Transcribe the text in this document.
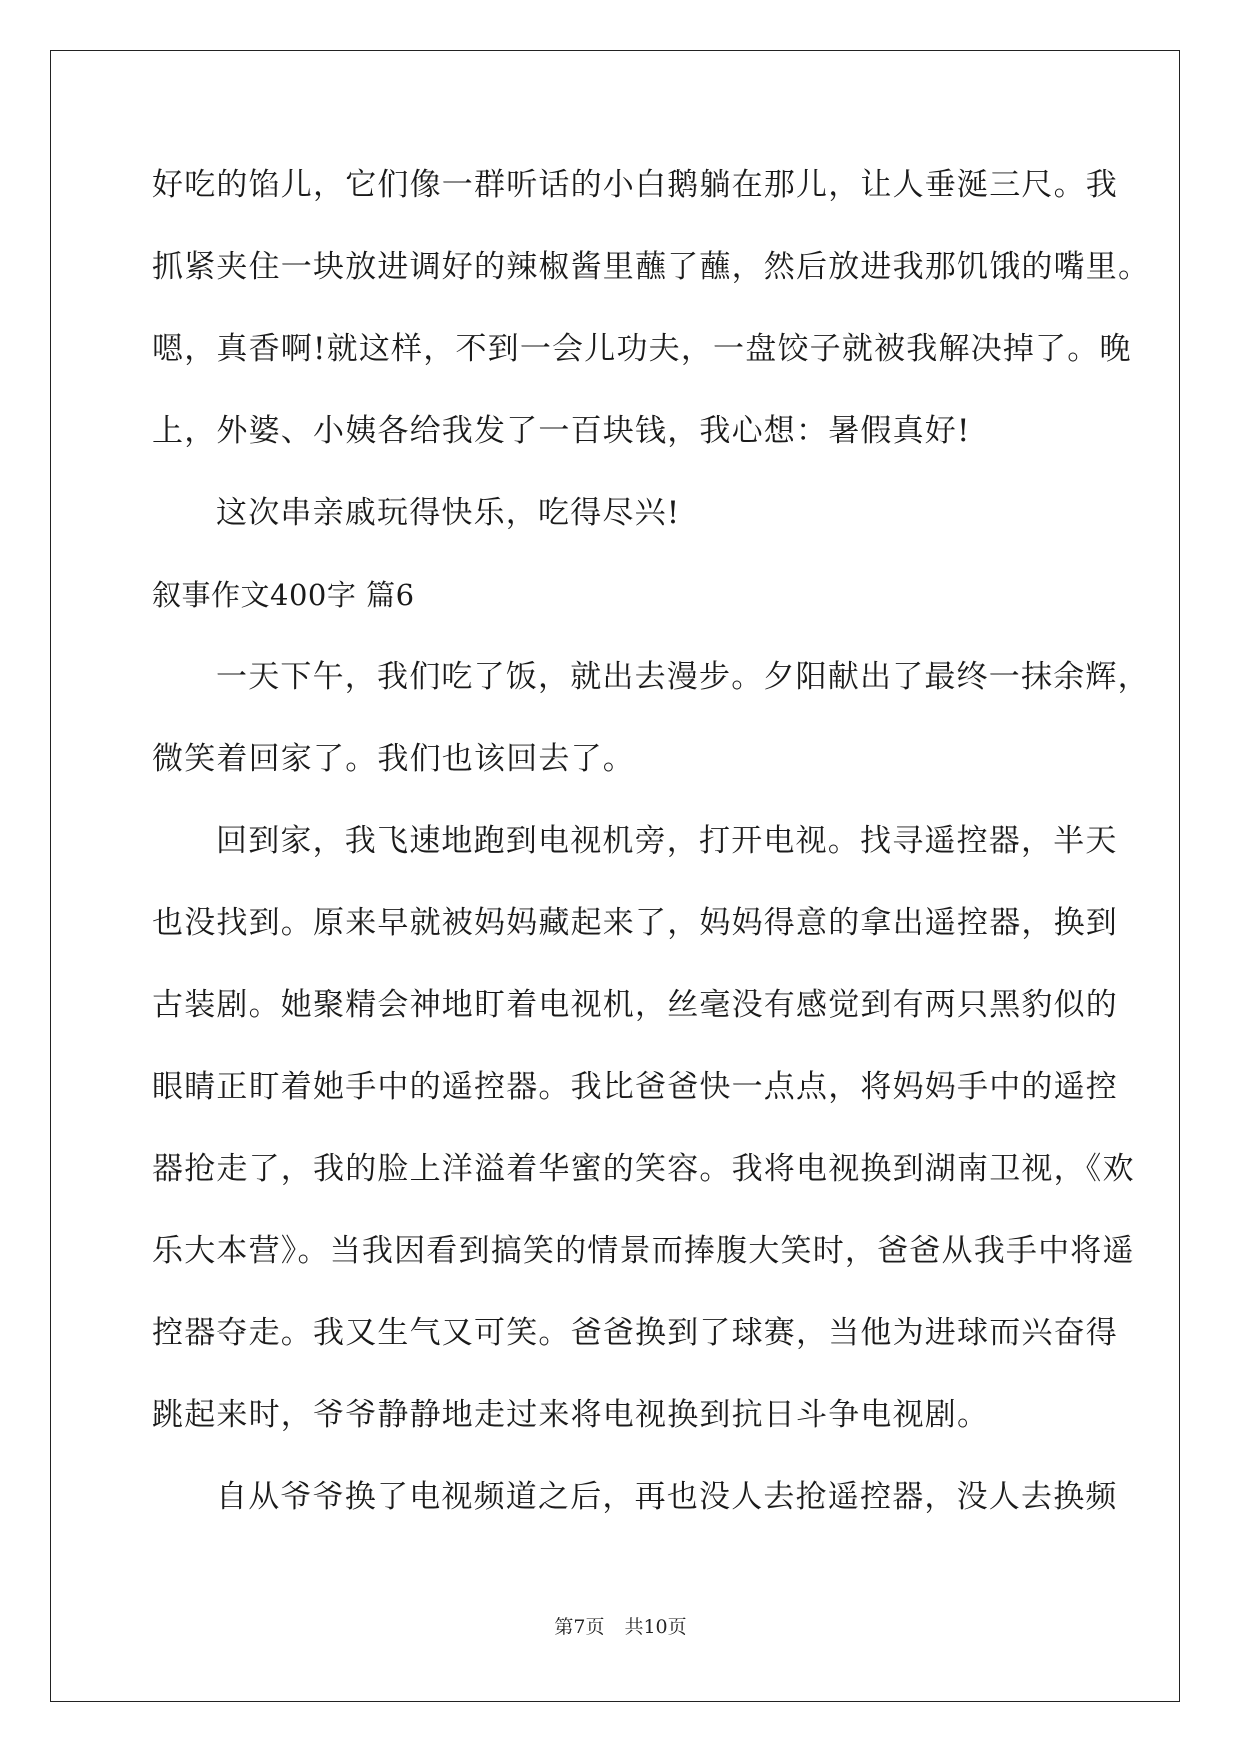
好吃的馅儿，它们像一群听话的小白鹅躺在那儿，让人垂涎三尺。我
抓紧夹住一块放进调好的辣椒酱里蘸了蘸，然后放进我那饥饿的嘴里。
嗯，真香啊!就这样，不到一会儿功夫，一盘饺子就被我解决掉了。晚
上，外婆、小姨各给我发了一百块钱，我心想：暑假真好!
这次串亲戚玩得快乐，吃得尽兴!
叙事作文400字 篇6
一天下午，我们吃了饭，就出去漫步。夕阳献出了最终一抹余辉，
微笑着回家了。我们也该回去了。
回到家，我飞速地跑到电视机旁，打开电视。找寻遥控器，半天
也没找到。原来早就被妈妈藏起来了，妈妈得意的拿出遥控器，换到
古装剧。她聚精会神地盯着电视机，丝毫没有感觉到有两只黑豹似的
眼睛正盯着她手中的遥控器。我比爸爸快一点点，将妈妈手中的遥控
器抢走了，我的脸上洋溢着华蜜的笑容。我将电视换到湖南卫视，《欢
乐大本营》。当我因看到搞笑的情景而捧腹大笑时，爸爸从我手中将遥
控器夺走。我又生气又可笑。爸爸换到了球赛，当他为进球而兴奋得
跳起来时，爷爷静静地走过来将电视换到抗日斗争电视剧。
自从爷爷换了电视频道之后，再也没人去抢遥控器，没人去换频
第7页 共10页
